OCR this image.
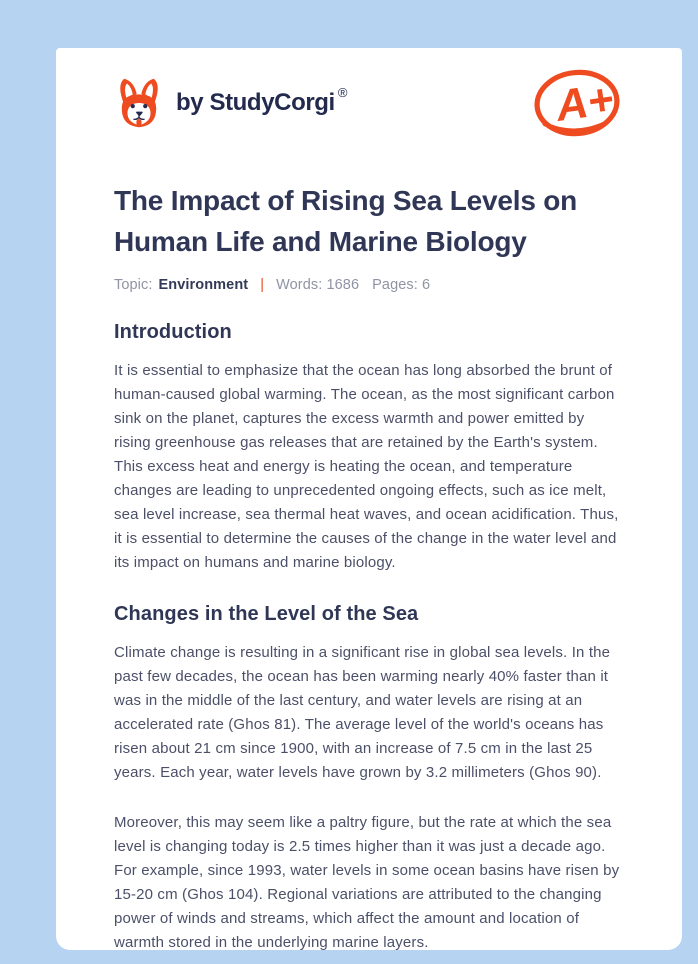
by StudyCorgi ®	A+
The Impact of Rising Sea Levels on Human Life and Marine Biology
Topic: Environment | Words: 1686 Pages: 6
Introduction

It is essential to emphasize that the ocean has long absorbed the brunt of human-caused global warming. The ocean, as the most significant carbon sink on the planet, captures the excess warmth and power emitted by rising greenhouse gas releases that are retained by the Earth's system. This excess heat and energy is heating the ocean, and temperature changes are leading to unprecedented ongoing effects, such as ice melt, sea level increase, sea thermal heat waves, and ocean acidification. Thus, it is essential to determine the causes of the change in the water level and its impact on humans and marine biology.

Changes in the Level of the Sea

Climate change is resulting in a significant rise in global sea levels. In the past few decades, the ocean has been warming nearly 40% faster than it was in the middle of the last century, and water levels are rising at an accelerated rate (Ghos 81). The average level of the world's oceans has risen about 21 cm since 1900, with an increase of 7.5 cm in the last 25 years. Each year, water levels have grown by 3.2 millimeters (Ghos 90).

Moreover, this may seem like a paltry figure, but the rate at which the sea level is changing today is 2.5 times higher than it was just a decade ago. For example, since 1993, water levels in some ocean basins have risen by 15-20 cm (Ghos 104). Regional variations are attributed to the changing power of winds and streams, which affect the amount and location of warmth stored in the underlying marine layers.
